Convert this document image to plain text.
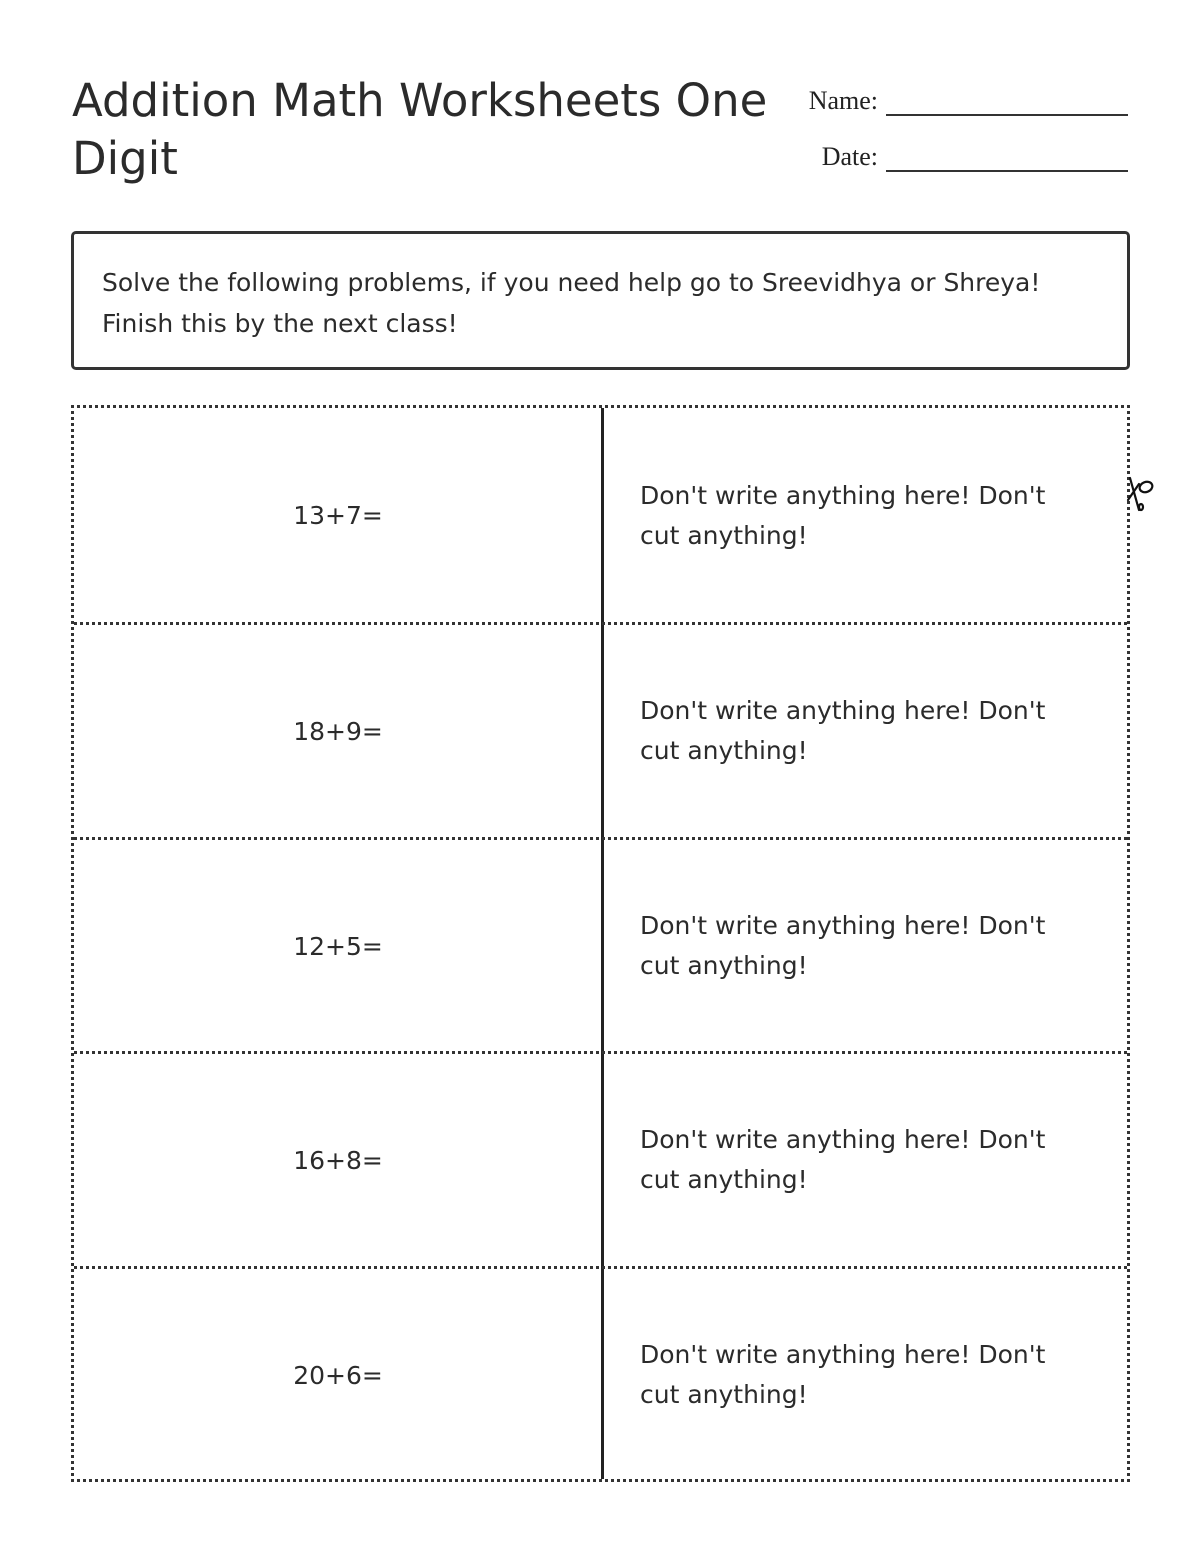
Addition Math Worksheets One Digit
Name:
Date:
Solve the following problems, if you need help go to Sreevidhya or Shreya! Finish this by the next class!
13+7=
Don't write anything here! Don't cut anything!
18+9=
Don't write anything here! Don't cut anything!
12+5=
Don't write anything here! Don't cut anything!
16+8=
Don't write anything here! Don't cut anything!
20+6=
Don't write anything here! Don't cut anything!
